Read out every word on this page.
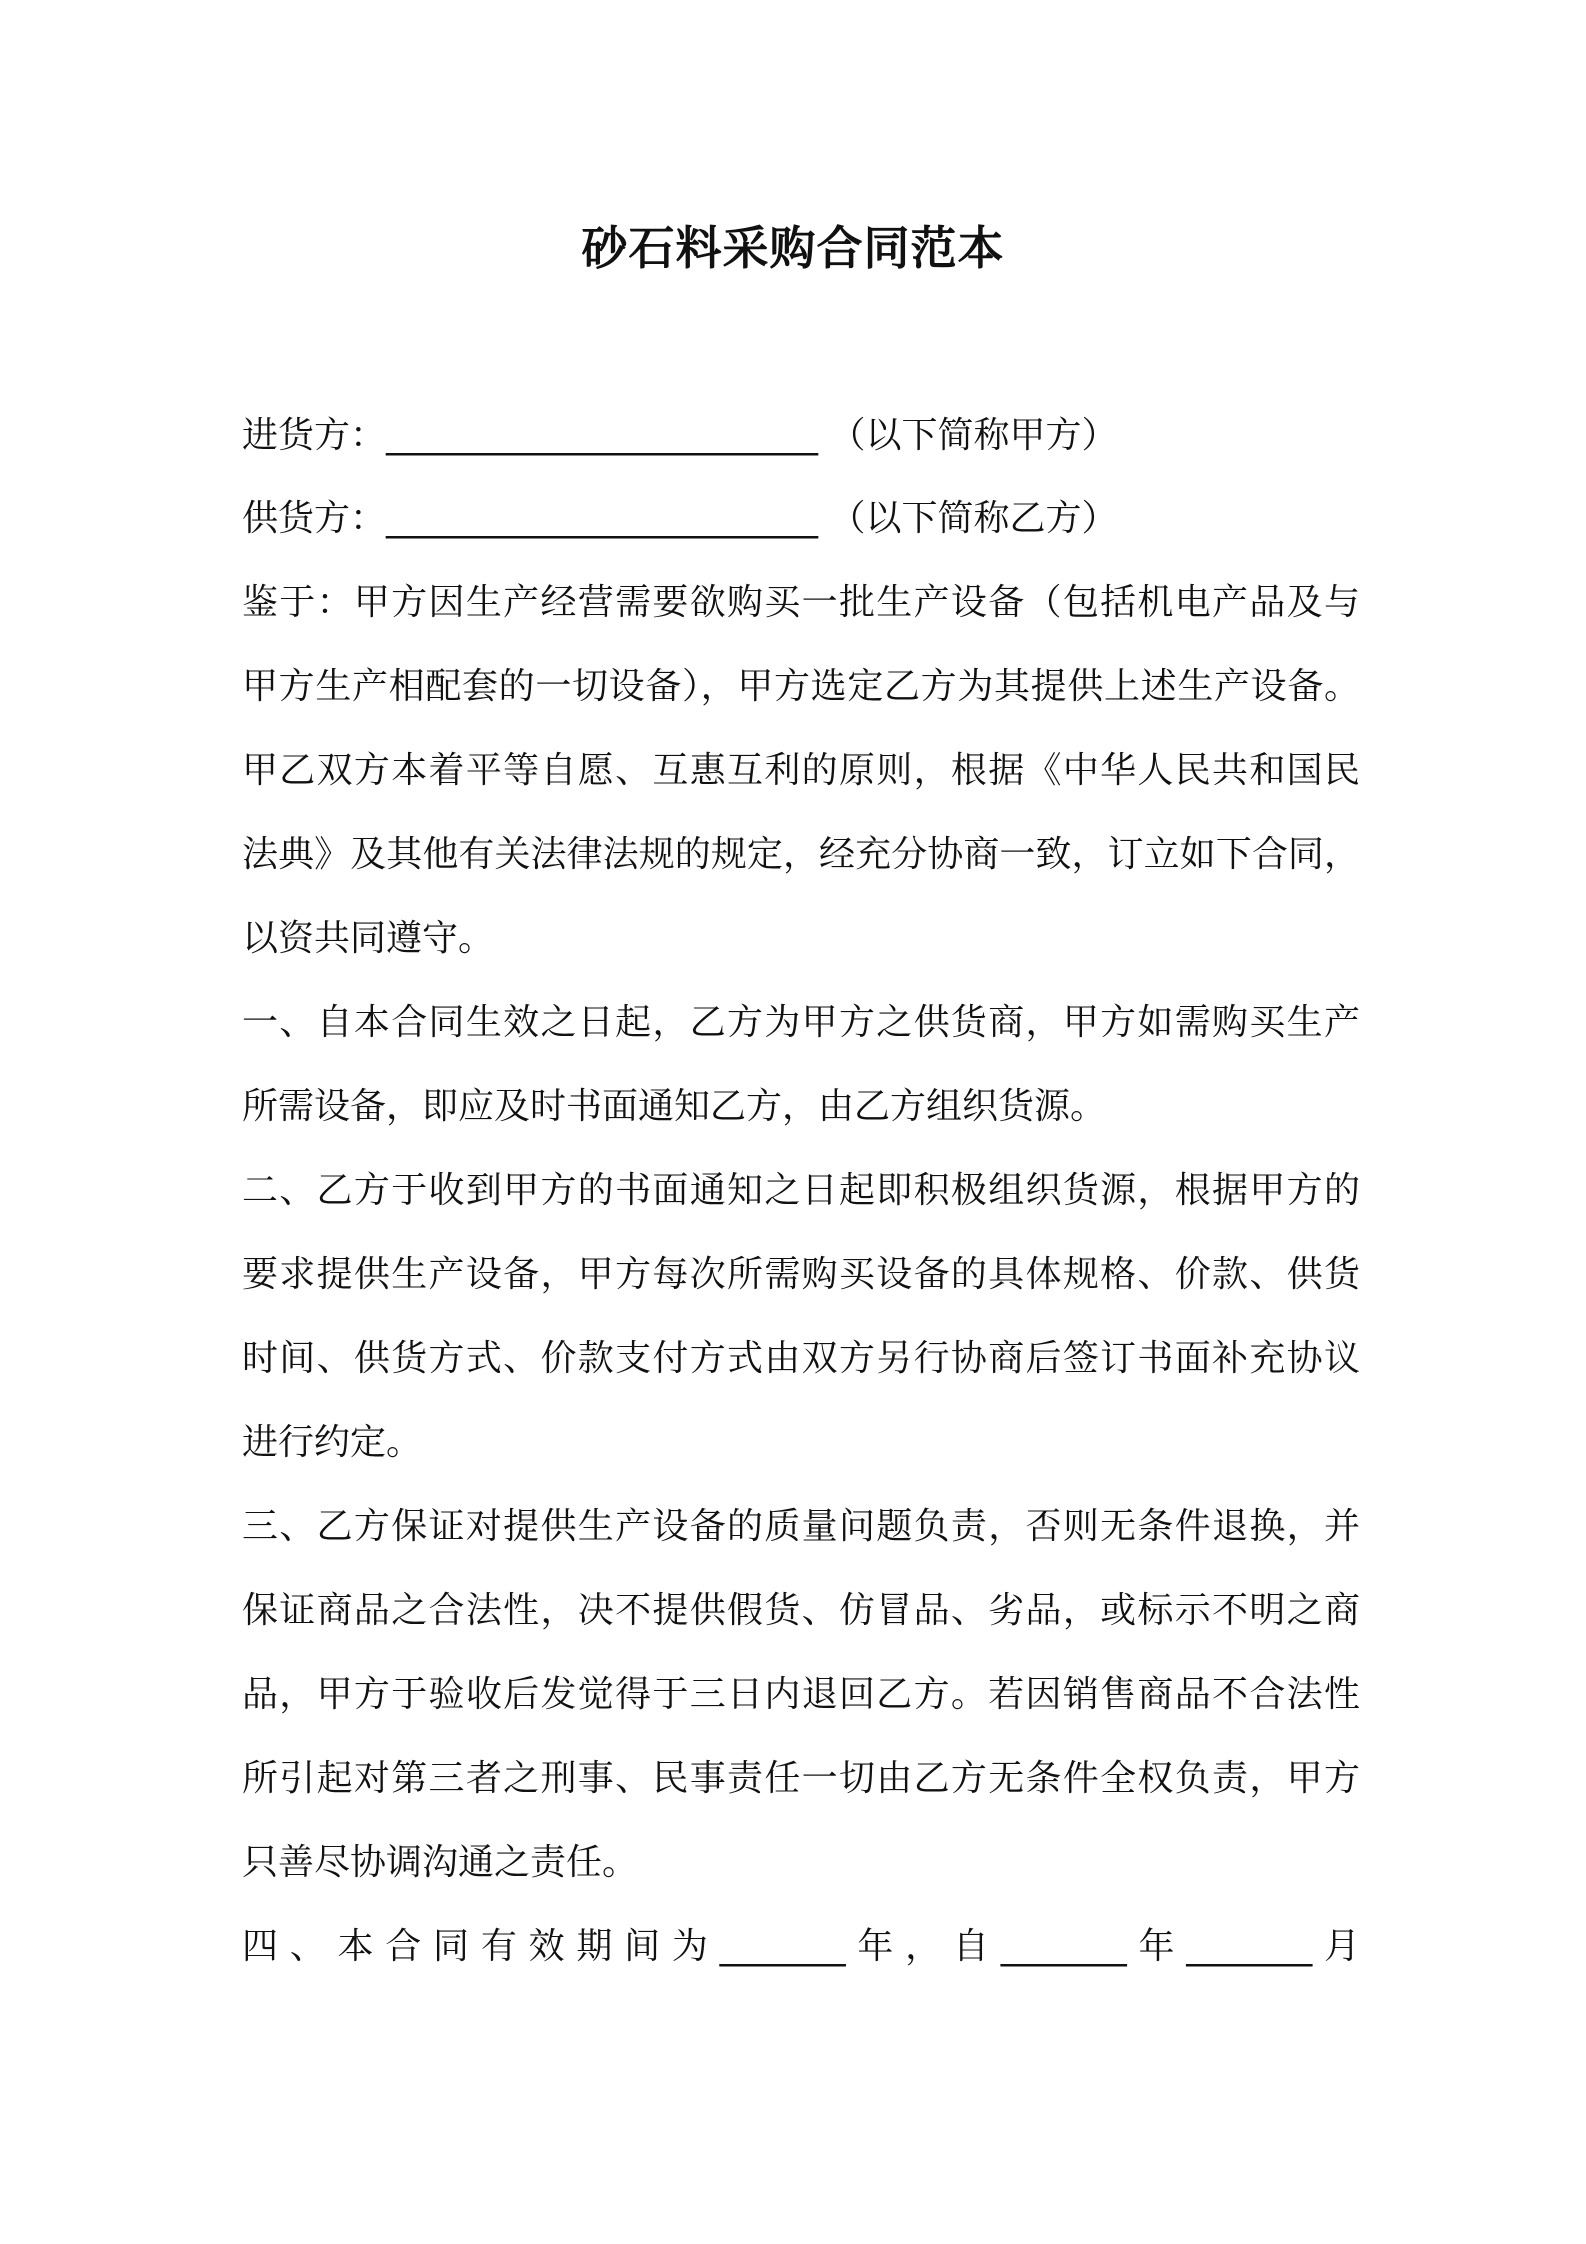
砂石料采购合同范本
进货方：________________________ （以下简称甲方）
供货方：________________________ （以下简称乙方）
鉴于：甲方因生产经营需要欲购买一批生产设备（包括机电产品及与
甲方生产相配套的一切设备），甲方选定乙方为其提供上述生产设备。
甲乙双方本着平等自愿、互惠互利的原则，根据《中华人民共和国民
法典》及其他有关法律法规的规定，经充分协商一致，订立如下合同，
以资共同遵守。
一、自本合同生效之日起，乙方为甲方之供货商，甲方如需购买生产
所需设备，即应及时书面通知乙方，由乙方组织货源。
二、乙方于收到甲方的书面通知之日起即积极组织货源，根据甲方的
要求提供生产设备，甲方每次所需购买设备的具体规格、价款、供货
时间、供货方式、价款支付方式由双方另行协商后签订书面补充协议
进行约定。
三、乙方保证对提供生产设备的质量问题负责，否则无条件退换，并
保证商品之合法性，决不提供假货、仿冒品、劣品，或标示不明之商
品，甲方于验收后发觉得于三日内退回乙方。若因销售商品不合法性
所引起对第三者之刑事、民事责任一切由乙方无条件全权负责，甲方
只善尽协调沟通之责任。
四、本合同有效期间为_______年，自_______年_______月
